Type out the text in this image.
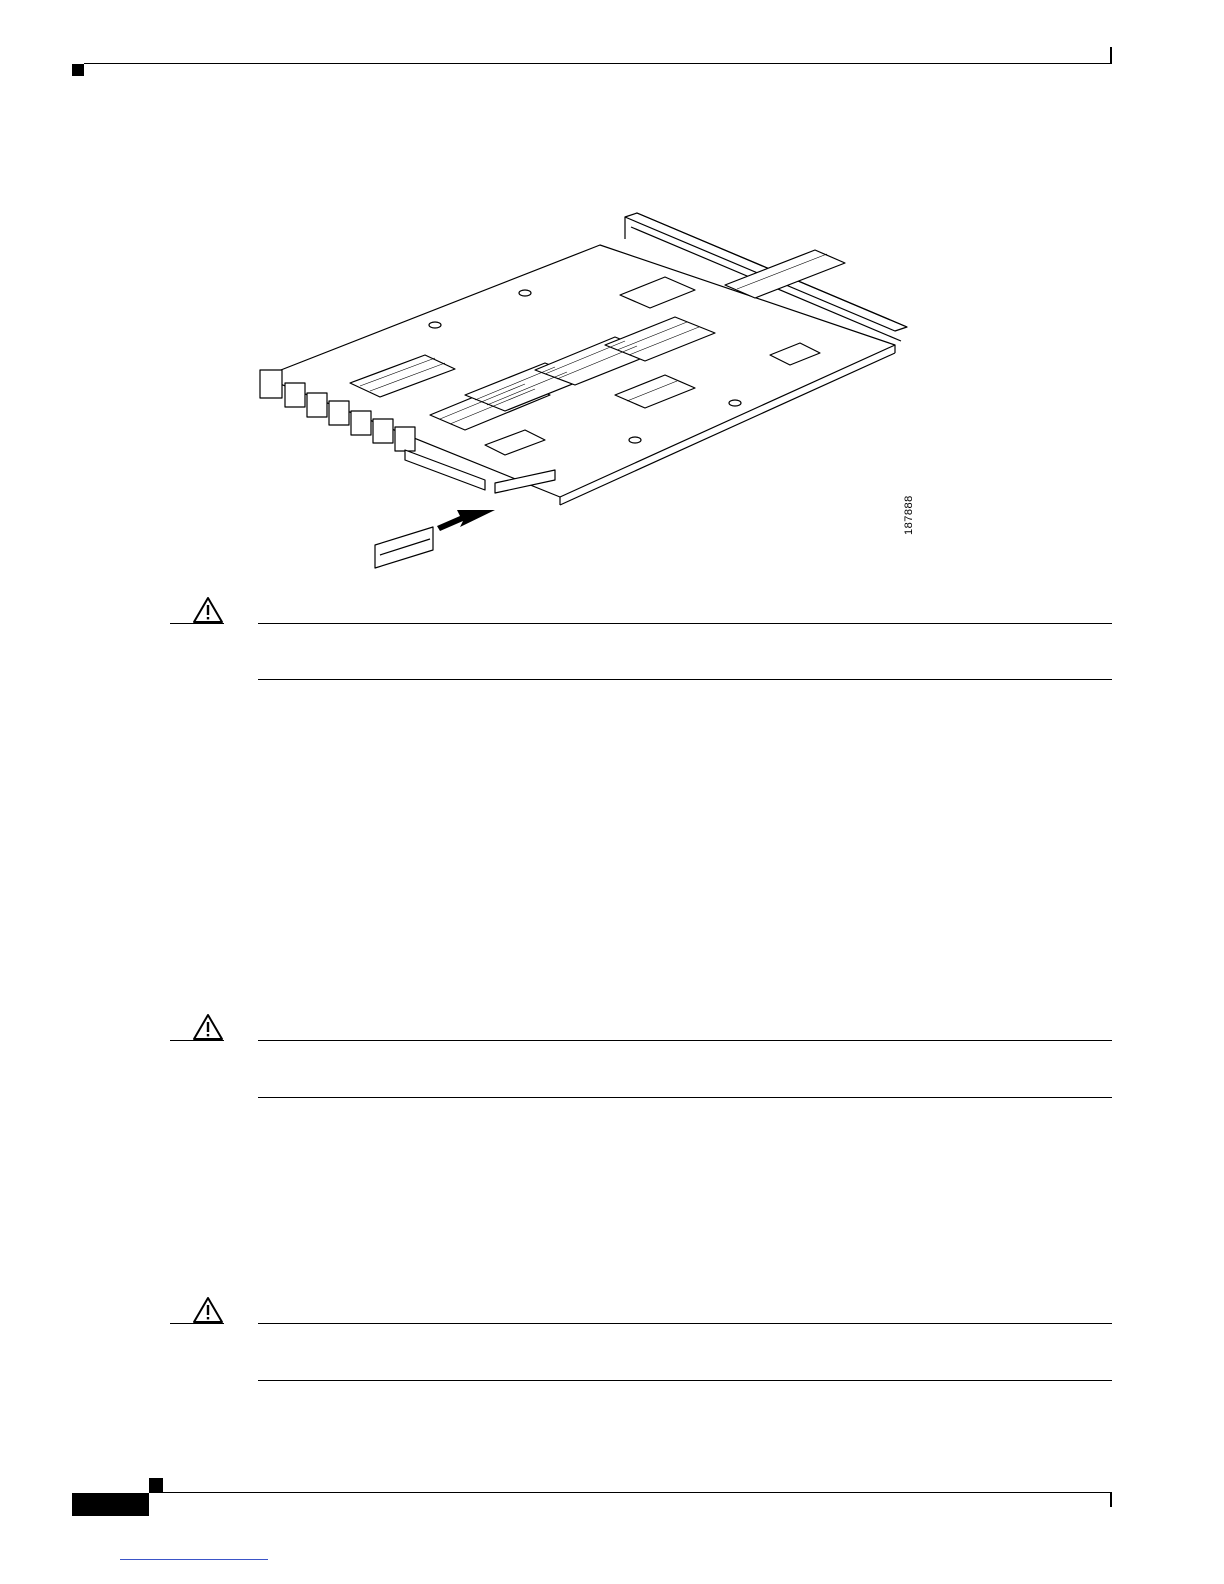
187888
